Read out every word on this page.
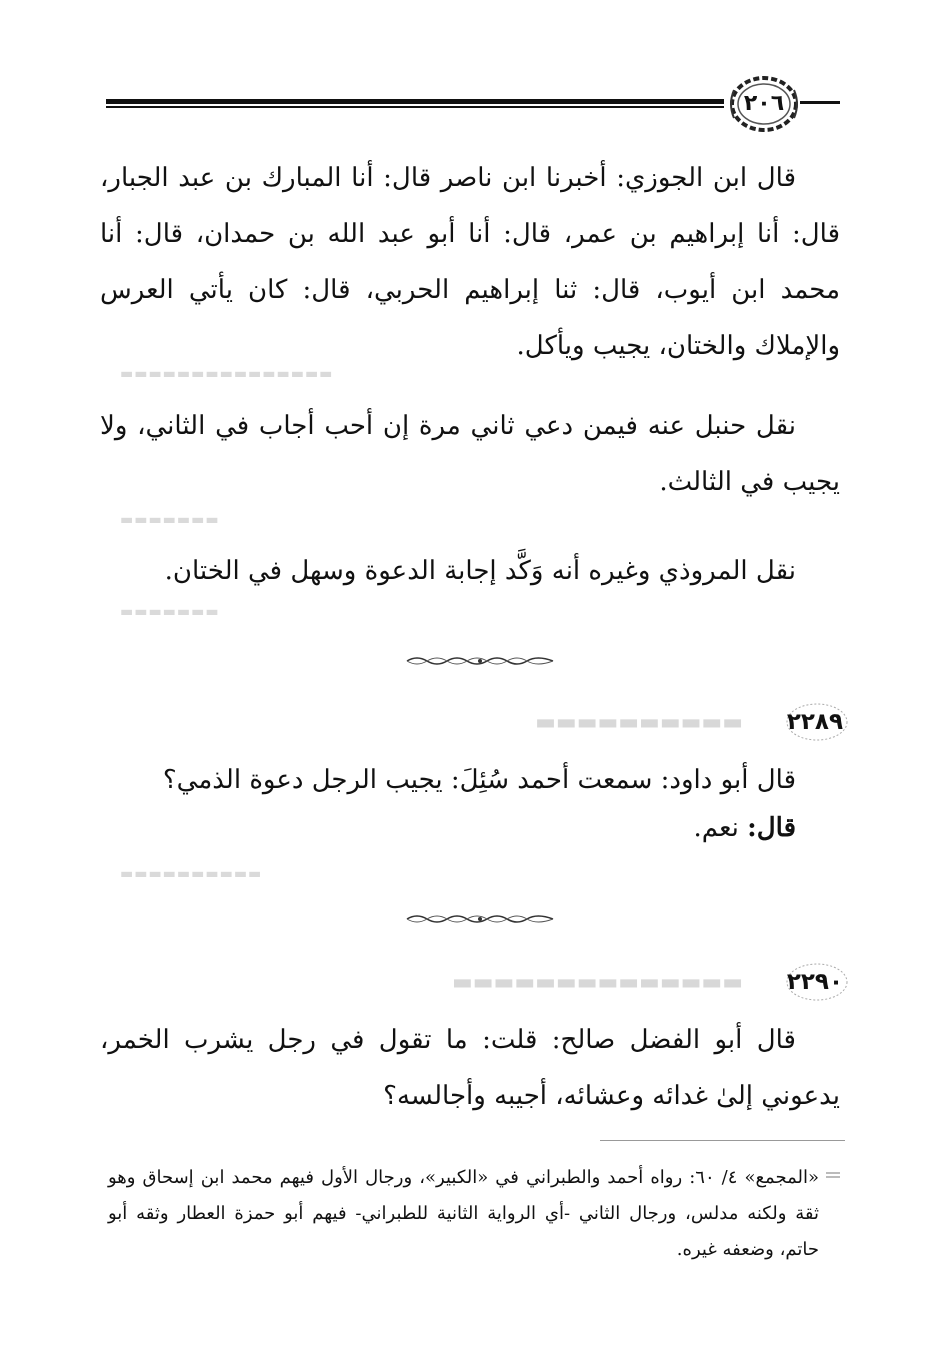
٢٠٦
قال ابن الجوزي: أخبرنا ابن ناصر قال: أنا المبارك بن عبد الجبار، قال: أنا إبراهيم بن عمر، قال: أنا أبو عبد الله بن حمدان، قال: أنا محمد ابن أيوب، قال: ثنا إبراهيم الحربي، قال: كان يأتي العرس والإملاك والختان، يجيب ويأكل.
▬▬▬▬▬▬▬▬▬▬▬▬▬▬▬
نقل حنبل عنه فيمن دعي ثاني مرة إن أحب أجاب في الثاني، ولا يجيب في الثالث.
▬▬▬▬▬▬▬
نقل المروذي وغيره أنه وَكَّد إجابة الدعوة وسهل في الختان.
▬▬▬▬▬▬▬
٢٢٨٩
▬▬▬▬▬▬▬▬▬▬
قال أبو داود: سمعت أحمد سُئِلَ: يجيب الرجل دعوة الذمي؟
قال: نعم.
▬▬▬▬▬▬▬▬▬▬
٢٢٩٠
▬▬▬▬▬▬▬▬▬▬▬▬▬▬
قال أبو الفضل صالح: قلت: ما تقول في رجل يشرب الخمر، يدعوني إلىٰ غدائه وعشائه، أجيبه وأجالسه؟
«المجمع» ٤/ ٦٠: رواه أحمد والطبراني في «الكبير»، ورجال الأول فيهم محمد ابن إسحاق وهو ثقة ولكنه مدلس، ورجال الثاني -أي الرواية الثانية للطبراني- فيهم أبو حمزة العطار وثقه أبو حاتم، وضعفه غيره.
